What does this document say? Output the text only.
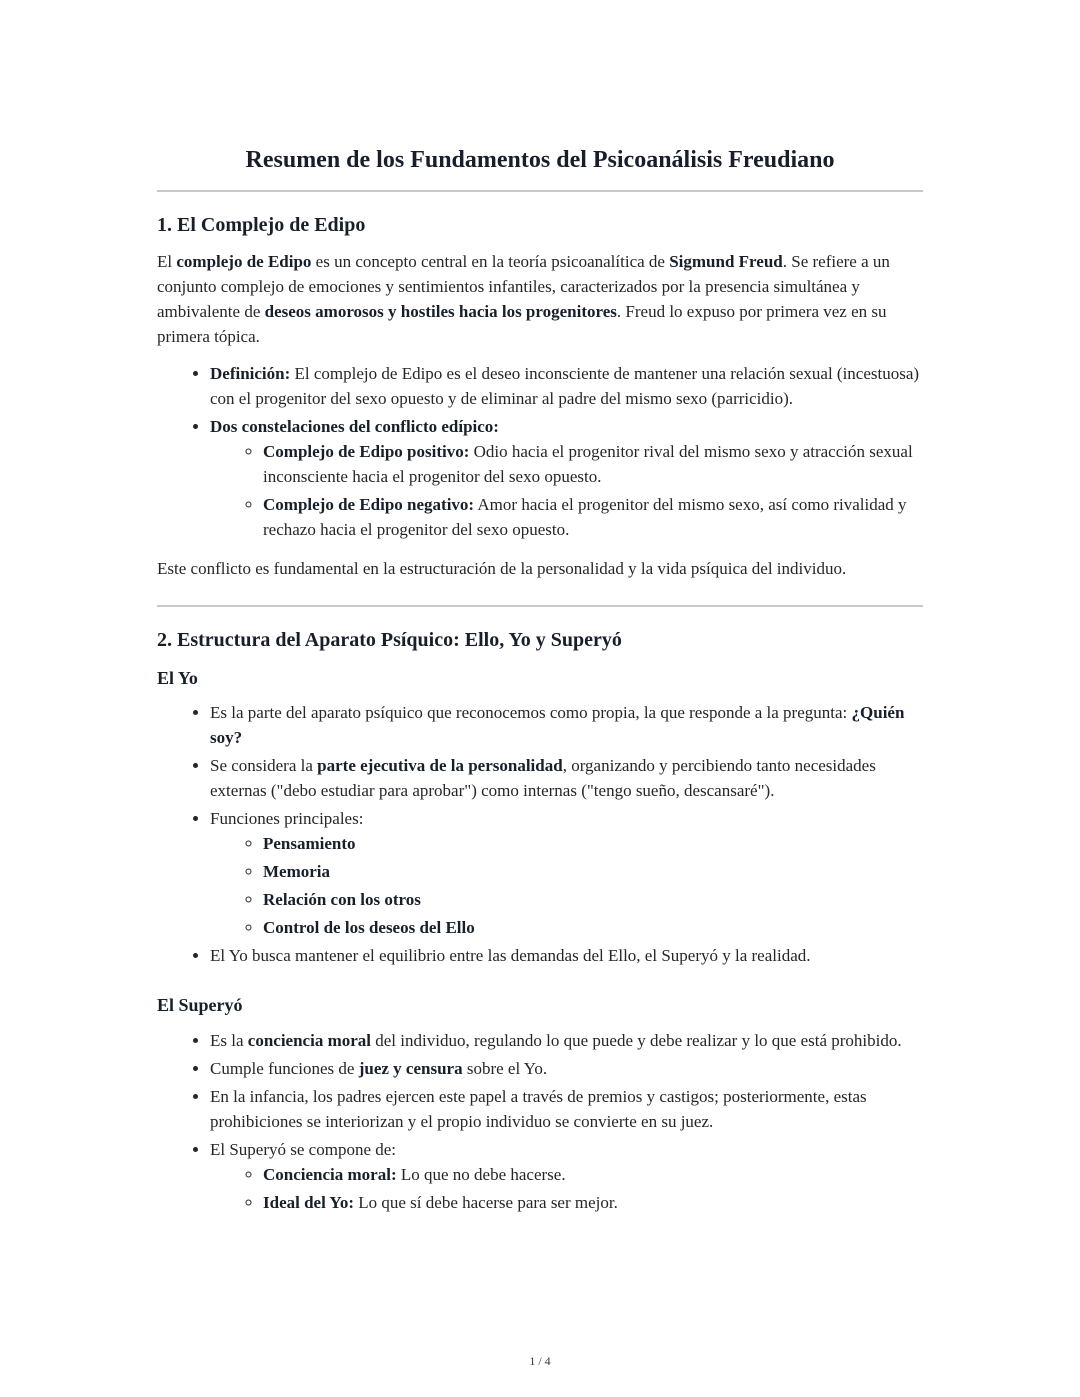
Resumen de los Fundamentos del Psicoanálisis Freudiano
1. El Complejo de Edipo

El complejo de Edipo es un concepto central en la teoría psicoanalítica de Sigmund Freud. Se refiere a un conjunto complejo de emociones y sentimientos infantiles, caracterizados por la presencia simultánea y ambivalente de deseos amorosos y hostiles hacia los progenitores. Freud lo expuso por primera vez en su primera tópica.

• Definición: El complejo de Edipo es el deseo inconsciente de mantener una relación sexual (incestuosa) con el progenitor del sexo opuesto y de eliminar al padre del mismo sexo (parricidio).
• Dos constelaciones del conflicto edípico:
◦ Complejo de Edipo positivo: Odio hacia el progenitor rival del mismo sexo y atracción sexual inconsciente hacia el progenitor del sexo opuesto.
◦ Complejo de Edipo negativo: Amor hacia el progenitor del mismo sexo, así como rivalidad y rechazo hacia el progenitor del sexo opuesto.

Este conflicto es fundamental en la estructuración de la personalidad y la vida psíquica del individuo.

2. Estructura del Aparato Psíquico: Ello, Yo y Superyó
El Yo
• Es la parte del aparato psíquico que reconocemos como propia, la que responde a la pregunta: ¿Quién soy?
• Se considera la parte ejecutiva de la personalidad, organizando y percibiendo tanto necesidades externas ("debo estudiar para aprobar") como internas ("tengo sueño, descansaré").
• Funciones principales:
◦ Pensamiento
◦ Memoria
◦ Relación con los otros
◦ Control de los deseos del Ello
• El Yo busca mantener el equilibrio entre las demandas del Ello, el Superyó y la realidad.
El Superyó
• Es la conciencia moral del individuo, regulando lo que puede y debe realizar y lo que está prohibido.
• Cumple funciones de juez y censura sobre el Yo.
• En la infancia, los padres ejercen este papel a través de premios y castigos; posteriormente, estas prohibiciones se interiorizan y el propio individuo se convierte en su juez.
• El Superyó se compone de:
◦ Conciencia moral: Lo que no debe hacerse.
◦ Ideal del Yo: Lo que sí debe hacerse para ser mejor.
1 / 4
